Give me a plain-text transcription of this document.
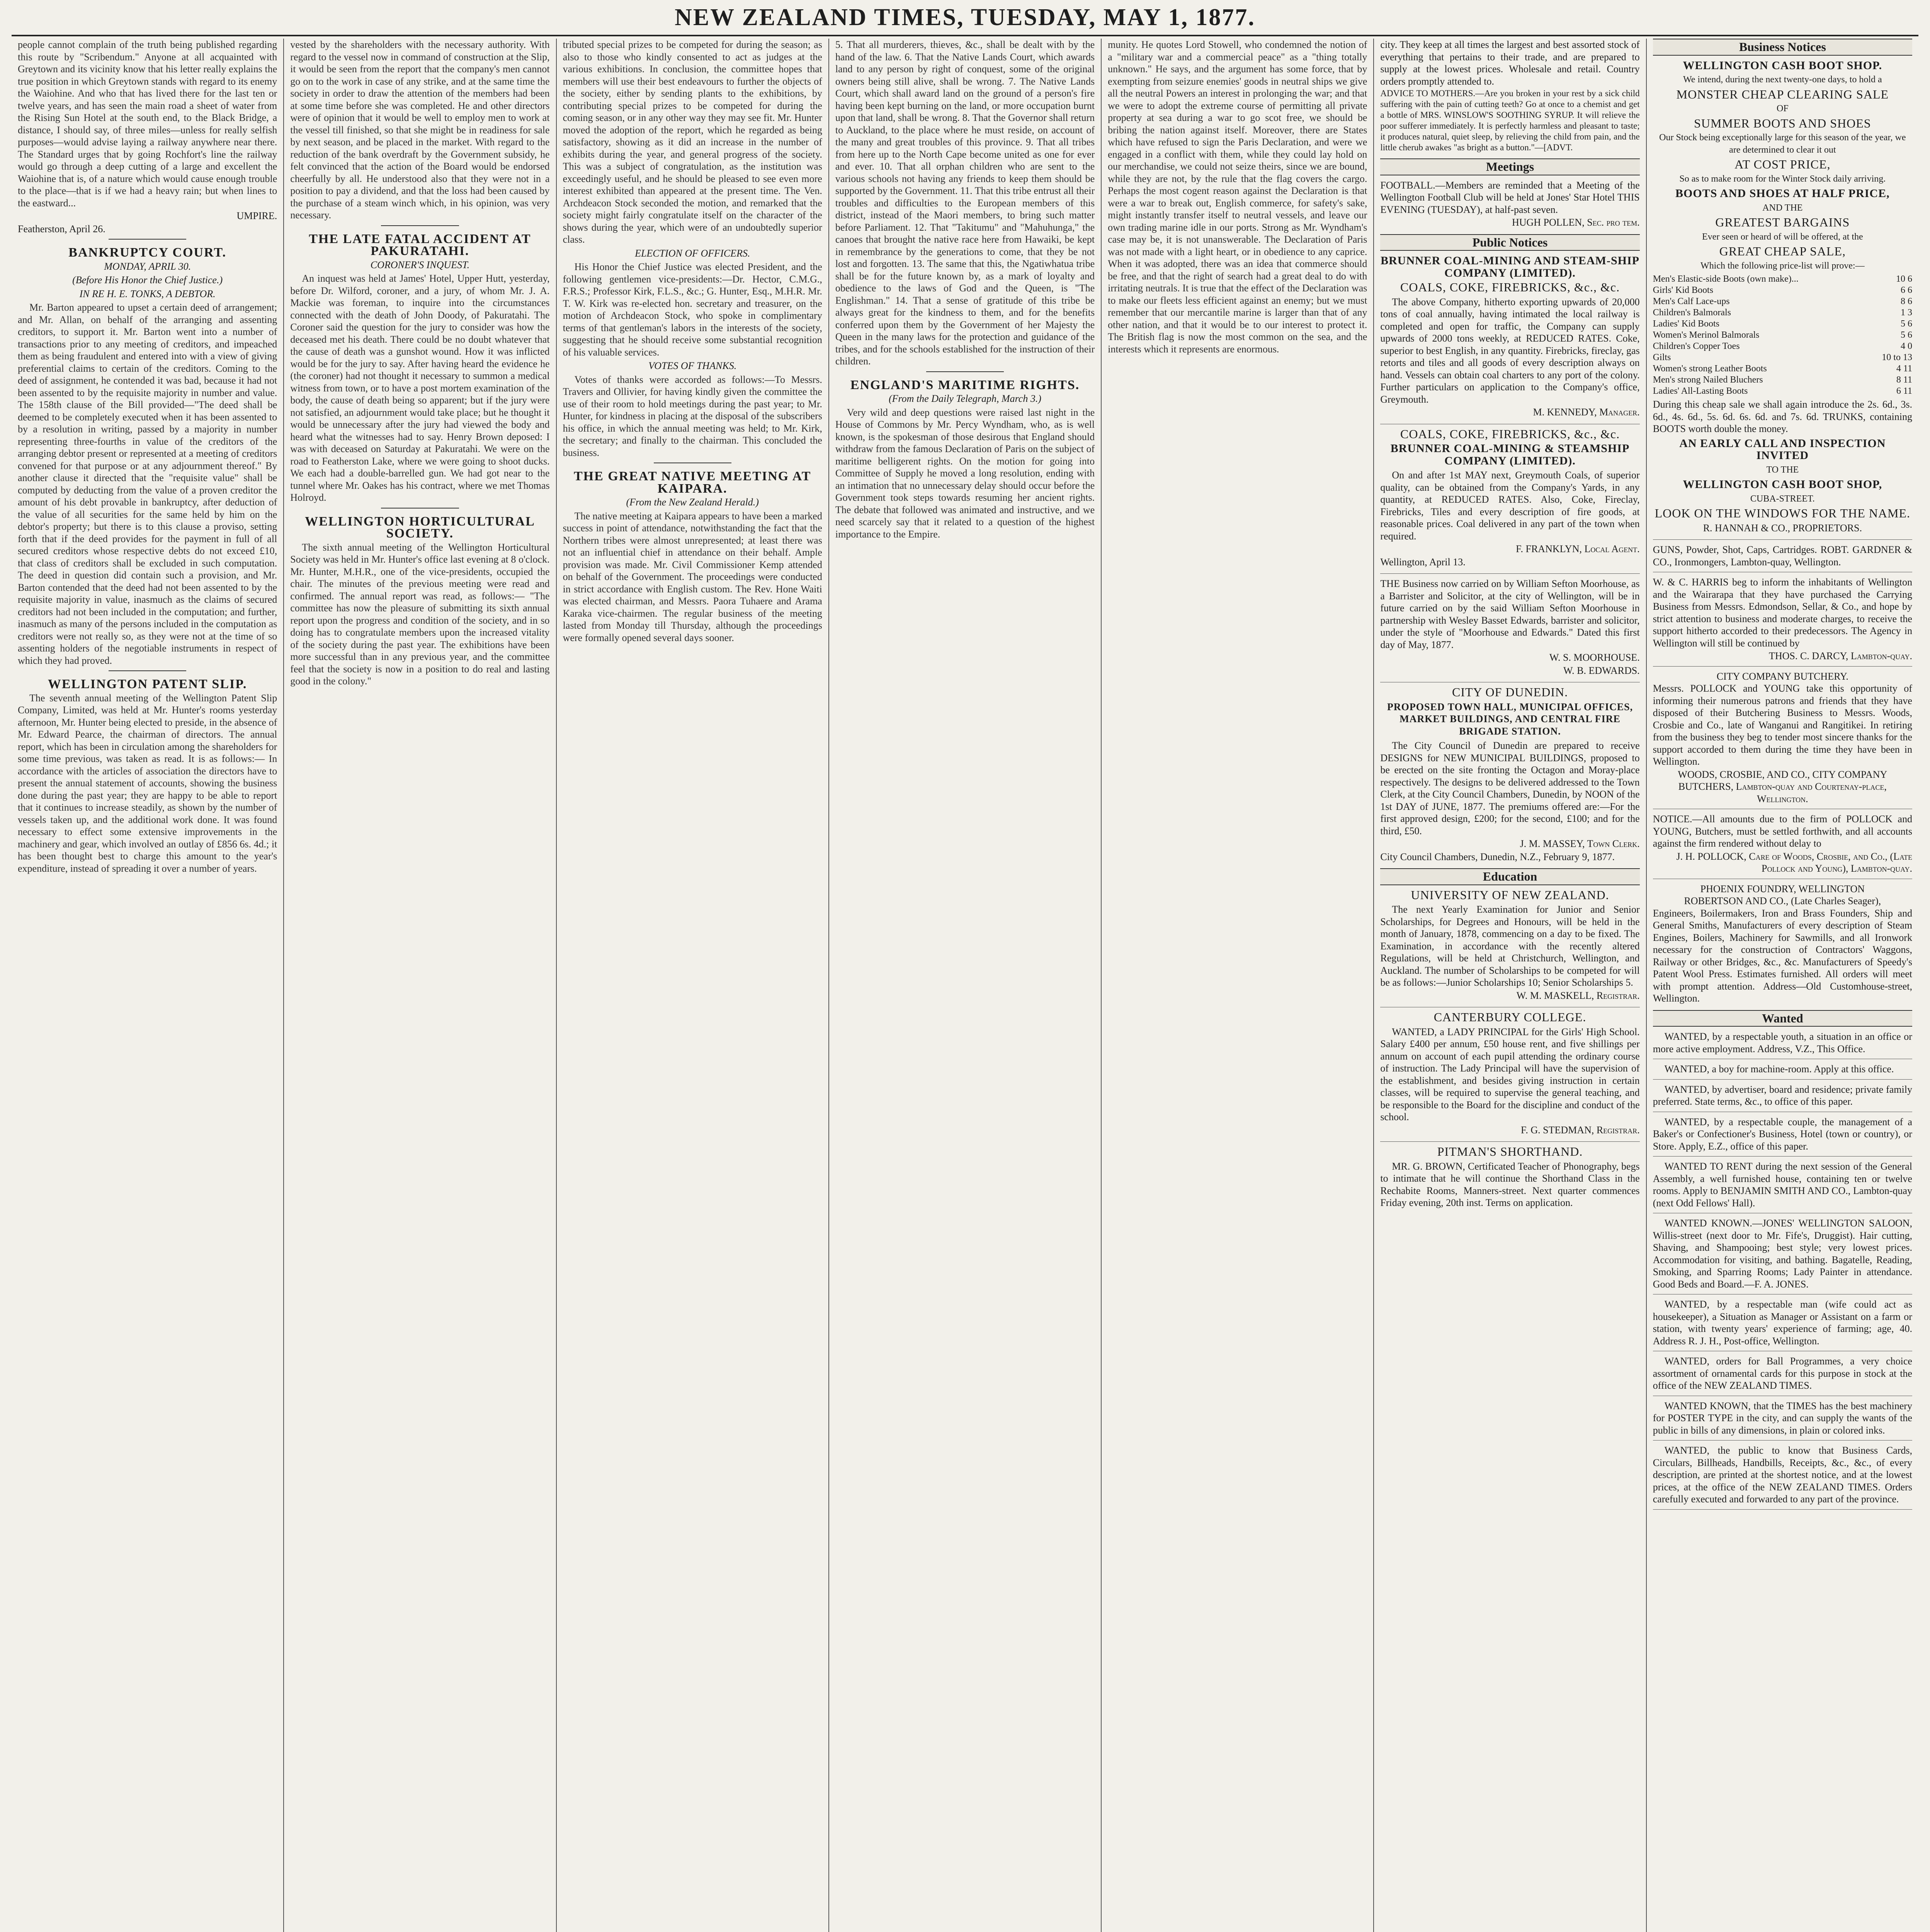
NEW ZEALAND TIMES, TUESDAY, MAY 1, 1877.

people cannot complain of the truth being published regarding this route by "Scribendum." Anyone at all acquainted with Greytown and its vicinity know that his letter really explains the true position in which Greytown stands with regard to its enemy the Waiohine. And who that has lived there for the last ten or twelve years, and has seen the main road a sheet of water from the Rising Sun Hotel at the south end, to the Black Bridge, a distance, I should say, of three miles—unless for really selfish purposes—would advise laying a railway anywhere near there. The Standard urges that by going Rochfort's line the railway would go through a deep cutting of a large and excellent the Waiohine that is, of a nature which would cause enough trouble to the place—that is if we had a heavy rain; but when lines to the eastward...

UMPIRE.

Featherston, April 26.

BANKRUPTCY COURT.
MONDAY, APRIL 30.
(Before His Honor the Chief Justice.)
IN RE H. E. TONKS, A DEBTOR.

Mr. Barton appeared to upset a certain deed of arrangement; and Mr. Allan, on behalf of the arranging and assenting creditors, to support it. Mr. Barton went into a number of transactions prior to any meeting of creditors, and impeached them as being fraudulent and entered into with a view of giving preferential claims to certain of the creditors. Coming to the deed of assignment, he contended it was bad, because it had not been assented to by the requisite majority in number and value. The 158th clause of the Bill provided—"The deed shall be deemed to be completely executed when it has been assented to by a resolution in writing, passed by a majority in number representing three-fourths in value of the creditors of the arranging debtor present or represented at a meeting of creditors convened for that purpose or at any adjournment thereof." By another clause it directed that the "requisite value" shall be computed by deducting from the value of a proven creditor the amount of his debt provable in bankruptcy, after deduction of the value of all securities for the same held by him on the debtor's property; but there is to this clause a proviso, setting forth that if the deed provides for the payment in full of all secured creditors whose respective debts do not exceed £10, that class of creditors shall be excluded in such computation. The deed in question did contain such a provision, and Mr. Barton contended that the deed had not been assented to by the requisite majority in value, inasmuch as the claims of secured creditors had not been included in the computation; and further, inasmuch as many of the persons included in the computation as creditors were not really so, as they were not at the time of so assenting holders of the negotiable instruments in respect of which they had proved.

WELLINGTON PATENT SLIP.

The seventh annual meeting of the Wellington Patent Slip Company, Limited, was held at Mr. Hunter's rooms yesterday afternoon, Mr. Hunter being elected to preside, in the absence of Mr. Edward Pearce, the chairman of directors. The annual report, which has been in circulation among the shareholders for some time previous, was taken as read. It is as follows:— In accordance with the articles of association the directors have to present the annual statement of accounts, showing the business done during the past year; they are happy to be able to report that it continues to increase steadily, as shown by the number of vessels taken up, and the additional work done. It was found necessary to effect some extensive improvements in the machinery and gear, which involved an outlay of £856 6s. 4d.; it has been thought best to charge this amount to the year's expenditure, instead of spreading it over a number of years.

vested by the shareholders with the necessary authority. With regard to the vessel now in command of construction at the Slip, it would be seen from the report that the company's men cannot go on to the work in case of any strike, and at the same time the society in order to draw the attention of the members had been at some time before she was completed. He and other directors were of opinion that it would be well to employ men to work at the vessel till finished, so that she might be in readiness for sale by next season, and be placed in the market. With regard to the reduction of the bank overdraft by the Government subsidy, he felt convinced that the action of the Board would be endorsed cheerfully by all. He understood also that they were not in a position to pay a dividend, and that the loss had been caused by the purchase of a steam winch which, in his opinion, was very necessary.

THE LATE FATAL ACCIDENT AT PAKURATAHI.
CORONER'S INQUEST.

An inquest was held at James' Hotel, Upper Hutt, yesterday, before Dr. Wilford, coroner, and a jury, of whom Mr. J. A. Mackie was foreman, to inquire into the circumstances connected with the death of John Doody, of Pakuratahi. The Coroner said the question for the jury to consider was how the deceased met his death. There could be no doubt whatever that the cause of death was a gunshot wound. How it was inflicted would be for the jury to say. After having heard the evidence he (the coroner) had not thought it necessary to summon a medical witness from town, or to have a post mortem examination of the body, the cause of death being so apparent; but if the jury were not satisfied, an adjournment would take place; but he thought it would be unnecessary after the jury had viewed the body and heard what the witnesses had to say. Henry Brown deposed: I was with deceased on Saturday at Pakuratahi. We were on the road to Featherston Lake, where we were going to shoot ducks. We each had a double-barrelled gun. We had got near to the tunnel where Mr. Oakes has his contract, where we met Thomas Holroyd.

WELLINGTON HORTICULTURAL SOCIETY.

The sixth annual meeting of the Wellington Horticultural Society was held in Mr. Hunter's office last evening at 8 o'clock. Mr. Hunter, M.H.R., one of the vice-presidents, occupied the chair. The minutes of the previous meeting were read and confirmed. The annual report was read, as follows:— "The committee has now the pleasure of submitting its sixth annual report upon the progress and condition of the society, and in so doing has to congratulate members upon the increased vitality of the society during the past year. The exhibitions have been more successful than in any previous year, and the committee feel that the society is now in a position to do real and lasting good in the colony."

tributed special prizes to be competed for during the season; as also to those who kindly consented to act as judges at the various exhibitions. In conclusion, the committee hopes that members will use their best endeavours to further the objects of the society, either by sending plants to the exhibitions, by contributing special prizes to be competed for during the coming season, or in any other way they may see fit. Mr. Hunter moved the adoption of the report, which he regarded as being satisfactory, showing as it did an increase in the number of exhibits during the year, and general progress of the society. This was a subject of congratulation, as the institution was exceedingly useful, and he should be pleased to see even more interest exhibited than appeared at the present time. The Ven. Archdeacon Stock seconded the motion, and remarked that the society might fairly congratulate itself on the character of the shows during the year, which were of an undoubtedly superior class.

ELECTION OF OFFICERS.

His Honor the Chief Justice was elected President, and the following gentlemen vice-presidents:—Dr. Hector, C.M.G., F.R.S.; Professor Kirk, F.L.S., &c.; G. Hunter, Esq., M.H.R. Mr. T. W. Kirk was re-elected hon. secretary and treasurer, on the motion of Archdeacon Stock, who spoke in complimentary terms of that gentleman's labors in the interests of the society, suggesting that he should receive some substantial recognition of his valuable services.

VOTES OF THANKS.

Votes of thanks were accorded as follows:—To Messrs. Travers and Ollivier, for having kindly given the committee the use of their room to hold meetings during the past year; to Mr. Hunter, for kindness in placing at the disposal of the subscribers his office, in which the annual meeting was held; to Mr. Kirk, the secretary; and finally to the chairman. This concluded the business.

THE GREAT NATIVE MEETING AT KAIPARA.
(From the New Zealand Herald.)

The native meeting at Kaipara appears to have been a marked success in point of attendance, notwithstanding the fact that the Northern tribes were almost unrepresented; at least there was not an influential chief in attendance on their behalf. Ample provision was made. Mr. Civil Commissioner Kemp attended on behalf of the Government. The proceedings were conducted in strict accordance with English custom. The Rev. Hone Waiti was elected chairman, and Messrs. Paora Tuhaere and Arama Karaka vice-chairmen. The regular business of the meeting lasted from Monday till Thursday, although the proceedings were formally opened several days sooner.

5. That all murderers, thieves, &c., shall be dealt with by the hand of the law. 6. That the Native Lands Court, which awards land to any person by right of conquest, some of the original owners being still alive, shall be wrong. 7. The Native Lands Court, which shall award land on the ground of a person's fire having been kept burning on the land, or more occupation burnt upon that land, shall be wrong. 8. That the Governor shall return to Auckland, to the place where he must reside, on account of the many and great troubles of this province. 9. That all tribes from here up to the North Cape become united as one for ever and ever. 10. That all orphan children who are sent to the various schools not having any friends to keep them should be supported by the Government. 11. That this tribe entrust all their troubles and difficulties to the European members of this district, instead of the Maori members, to bring such matter before Parliament. 12. That "Takitumu" and "Mahuhunga," the canoes that brought the native race here from Hawaiki, be kept in remembrance by the generations to come, that they be not lost and forgotten. 13. The same that this, the Ngatiwhatua tribe shall be for the future known by, as a mark of loyalty and obedience to the laws of God and the Queen, is "The Englishman." 14. That a sense of gratitude of this tribe be always great for the kindness to them, and for the benefits conferred upon them by the Government of her Majesty the Queen in the many laws for the protection and guidance of the tribes, and for the schools established for the instruction of their children.

ENGLAND'S MARITIME RIGHTS.
(From the Daily Telegraph, March 3.)

Very wild and deep questions were raised last night in the House of Commons by Mr. Percy Wyndham, who, as is well known, is the spokesman of those desirous that England should withdraw from the famous Declaration of Paris on the subject of maritime belligerent rights. On the motion for going into Committee of Supply he moved a long resolution, ending with an intimation that no unnecessary delay should occur before the Government took steps towards resuming her ancient rights. The debate that followed was animated and instructive, and we need scarcely say that it related to a question of the highest importance to the Empire.

munity. He quotes Lord Stowell, who condemned the notion of a "military war and a commercial peace" as a "thing totally unknown." He says, and the argument has some force, that by exempting from seizure enemies' goods in neutral ships we give all the neutral Powers an interest in prolonging the war; and that we were to adopt the extreme course of permitting all private property at sea during a war to go scot free, we should be bribing the nation against itself. Moreover, there are States which have refused to sign the Paris Declaration, and were we engaged in a conflict with them, while they could lay hold on our merchandise, we could not seize theirs, since we are bound, while they are not, by the rule that the flag covers the cargo. Perhaps the most cogent reason against the Declaration is that were a war to break out, English commerce, for safety's sake, might instantly transfer itself to neutral vessels, and leave our own trading marine idle in our ports. Strong as Mr. Wyndham's case may be, it is not unanswerable. The Declaration of Paris was not made with a light heart, or in obedience to any caprice. When it was adopted, there was an idea that commerce should be free, and that the right of search had a great deal to do with irritating neutrals. It is true that the effect of the Declaration was to make our fleets less efficient against an enemy; but we must remember that our mercantile marine is larger than that of any other nation, and that it would be to our interest to protect it. The British flag is now the most common on the sea, and the interests which it represents are enormous.

city. They keep at all times the largest and best assorted stock of everything that pertains to their trade, and are prepared to supply at the lowest prices. Wholesale and retail. Country orders promptly attended to.

ADVICE TO MOTHERS.—Are you broken in your rest by a sick child suffering with the pain of cutting teeth? Go at once to a chemist and get a bottle of MRS. WINSLOW'S SOOTHING SYRUP. It will relieve the poor sufferer immediately. It is perfectly harmless and pleasant to taste; it produces natural, quiet sleep, by relieving the child from pain, and the little cherub awakes "as bright as a button."—[ADVT.

Meetings

FOOTBALL.—Members are reminded that a Meeting of the Wellington Football Club will be held at Jones' Star Hotel THIS EVENING (TUESDAY), at half-past seven.

HUGH POLLEN, Sec. pro tem.
Public Notices
BRUNNER COAL-MINING AND STEAM-SHIP COMPANY (LIMITED).
COALS, COKE, FIREBRICKS, &c., &c.

The above Company, hitherto exporting upwards of 20,000 tons of coal annually, having intimated the local railway is completed and open for traffic, the Company can supply upwards of 2000 tons weekly, at REDUCED RATES. Coke, superior to best English, in any quantity. Firebricks, fireclay, gas retorts and tiles and all goods of every description always on hand. Vessels can obtain coal charters to any port of the colony. Further particulars on application to the Company's office, Greymouth.

M. KENNEDY, Manager.
COALS, COKE, FIREBRICKS, &c., &c.
BRUNNER COAL-MINING & STEAMSHIP COMPANY (LIMITED).

On and after 1st MAY next, Greymouth Coals, of superior quality, can be obtained from the Company's Yards, in any quantity, at REDUCED RATES. Also, Coke, Fireclay, Firebricks, Tiles and every description of fire goods, at reasonable prices. Coal delivered in any part of the town when required.

F. FRANKLYN, Local Agent.

Wellington, April 13.

THE Business now carried on by William Sefton Moorhouse, as a Barrister and Solicitor, at the city of Wellington, will be in future carried on by the said William Sefton Moorhouse in partnership with Wesley Basset Edwards, barrister and solicitor, under the style of "Moorhouse and Edwards." Dated this first day of May, 1877.

W. S. MOORHOUSE.
W. B. EDWARDS.
CITY OF DUNEDIN.
PROPOSED TOWN HALL, MUNICIPAL OFFICES, MARKET BUILDINGS, AND CENTRAL FIRE BRIGADE STATION.

The City Council of Dunedin are prepared to receive DESIGNS for NEW MUNICIPAL BUILDINGS, proposed to be erected on the site fronting the Octagon and Moray-place respectively. The designs to be delivered addressed to the Town Clerk, at the City Council Chambers, Dunedin, by NOON of the 1st DAY of JUNE, 1877. The premiums offered are:—For the first approved design, £200; for the second, £100; and for the third, £50.

J. M. MASSEY, Town Clerk.

City Council Chambers, Dunedin, N.Z., February 9, 1877.

Education
UNIVERSITY OF NEW ZEALAND.

The next Yearly Examination for Junior and Senior Scholarships, for Degrees and Honours, will be held in the month of January, 1878, commencing on a day to be fixed. The Examination, in accordance with the recently altered Regulations, will be held at Christchurch, Wellington, and Auckland. The number of Scholarships to be competed for will be as follows:—Junior Scholarships 10; Senior Scholarships 5.

W. M. MASKELL, Registrar.
CANTERBURY COLLEGE.

WANTED, a LADY PRINCIPAL for the Girls' High School. Salary £400 per annum, £50 house rent, and five shillings per annum on account of each pupil attending the ordinary course of instruction. The Lady Principal will have the supervision of the establishment, and besides giving instruction in certain classes, will be required to supervise the general teaching, and be responsible to the Board for the discipline and conduct of the school.

F. G. STEDMAN, Registrar.
PITMAN'S SHORTHAND.

MR. G. BROWN, Certificated Teacher of Phonography, begs to intimate that he will continue the Shorthand Class in the Rechabite Rooms, Manners-street. Next quarter commences Friday evening, 20th inst. Terms on application.

Business Notices
WELLINGTON CASH BOOT SHOP.
We intend, during the next twenty-one days, to hold a
MONSTER CHEAP CLEARING SALE
OF
SUMMER BOOTS AND SHOES
Our Stock being exceptionally large for this season of the year, we are determined to clear it out
AT COST PRICE,
So as to make room for the Winter Stock daily arriving.
BOOTS AND SHOES AT HALF PRICE,
AND THE
GREATEST BARGAINS
Ever seen or heard of will be offered, at the
GREAT CHEAP SALE,
Which the following price-list will prove:—
Men's Elastic-side Boots (own make)...	10 6
Girls' Kid Boots	6 6
Men's Calf Lace-ups	8 6
Children's Balmorals	1 3
Ladies' Kid Boots	5 6
Women's Merinol Balmorals	5 6
Children's Copper Toes	4 0
Gilts	10 to 13
Women's strong Leather Boots	4 11
Men's strong Nailed Bluchers	8 11
Ladies' All-Lasting Boots	6 11

During this cheap sale we shall again introduce the 2s. 6d., 3s. 6d., 4s. 6d., 5s. 6d. 6s. 6d. and 7s. 6d. TRUNKS, containing BOOTS worth double the money.

AN EARLY CALL AND INSPECTION INVITED
TO THE
WELLINGTON CASH BOOT SHOP,
CUBA-STREET.
LOOK ON THE WINDOWS FOR THE NAME.
R. HANNAH & CO., PROPRIETORS.

GUNS, Powder, Shot, Caps, Cartridges. ROBT. GARDNER & CO., Ironmongers, Lambton-quay, Wellington.

W. & C. HARRIS beg to inform the inhabitants of Wellington and the Wairarapa that they have purchased the Carrying Business from Messrs. Edmondson, Sellar, & Co., and hope by strict attention to business and moderate charges, to receive the support hitherto accorded to their predecessors. The Agency in Wellington will still be continued by

THOS. C. DARCY, Lambton-quay.
CITY COMPANY BUTCHERY.

Messrs. POLLOCK and YOUNG take this opportunity of informing their numerous patrons and friends that they have disposed of their Butchering Business to Messrs. Woods, Crosbie and Co., late of Wanganui and Rangitikei. In retiring from the business they beg to tender most sincere thanks for the support accorded to them during the time they have been in Wellington.

WOODS, CROSBIE, AND CO., CITY COMPANY BUTCHERS, Lambton-quay and Courtenay-place, Wellington.

NOTICE.—All amounts due to the firm of POLLOCK and YOUNG, Butchers, must be settled forthwith, and all accounts against the firm rendered without delay to

J. H. POLLOCK, Care of Woods, Crosbie, and Co., (Late Pollock and Young), Lambton-quay.
PHOENIX FOUNDRY, WELLINGTON
ROBERTSON AND CO., (Late Charles Seager),

Engineers, Boilermakers, Iron and Brass Founders, Ship and General Smiths, Manufacturers of every description of Steam Engines, Boilers, Machinery for Sawmills, and all Ironwork necessary for the construction of Contractors' Waggons, Railway or other Bridges, &c., &c. Manufacturers of Speedy's Patent Wool Press. Estimates furnished. All orders will meet with prompt attention. Address—Old Customhouse-street, Wellington.

Wanted

WANTED, by a respectable youth, a situation in an office or more active employment. Address, V.Z., This Office.

WANTED, a boy for machine-room. Apply at this office.

WANTED, by advertiser, board and residence; private family preferred. State terms, &c., to office of this paper.

WANTED, by a respectable couple, the management of a Baker's or Confectioner's Business, Hotel (town or country), or Store. Apply, E.Z., office of this paper.

WANTED TO RENT during the next session of the General Assembly, a well furnished house, containing ten or twelve rooms. Apply to BENJAMIN SMITH AND CO., Lambton-quay (next Odd Fellows' Hall).

WANTED KNOWN.—JONES' WELLINGTON SALOON, Willis-street (next door to Mr. Fife's, Druggist). Hair cutting, Shaving, and Shampooing; best style; very lowest prices. Accommodation for visiting, and bathing. Bagatelle, Reading, Smoking, and Sparring Rooms; Lady Painter in attendance. Good Beds and Board.—F. A. JONES.

WANTED, by a respectable man (wife could act as housekeeper), a Situation as Manager or Assistant on a farm or station, with twenty years' experience of farming; age, 40. Address R. J. H., Post-office, Wellington.

WANTED, orders for Ball Programmes, a very choice assortment of ornamental cards for this purpose in stock at the office of the NEW ZEALAND TIMES.

WANTED KNOWN, that the TIMES has the best machinery for POSTER TYPE in the city, and can supply the wants of the public in bills of any dimensions, in plain or colored inks.

WANTED, the public to know that Business Cards, Circulars, Billheads, Handbills, Receipts, &c., &c., of every description, are printed at the shortest notice, and at the lowest prices, at the office of the NEW ZEALAND TIMES. Orders carefully executed and forwarded to any part of the province.
